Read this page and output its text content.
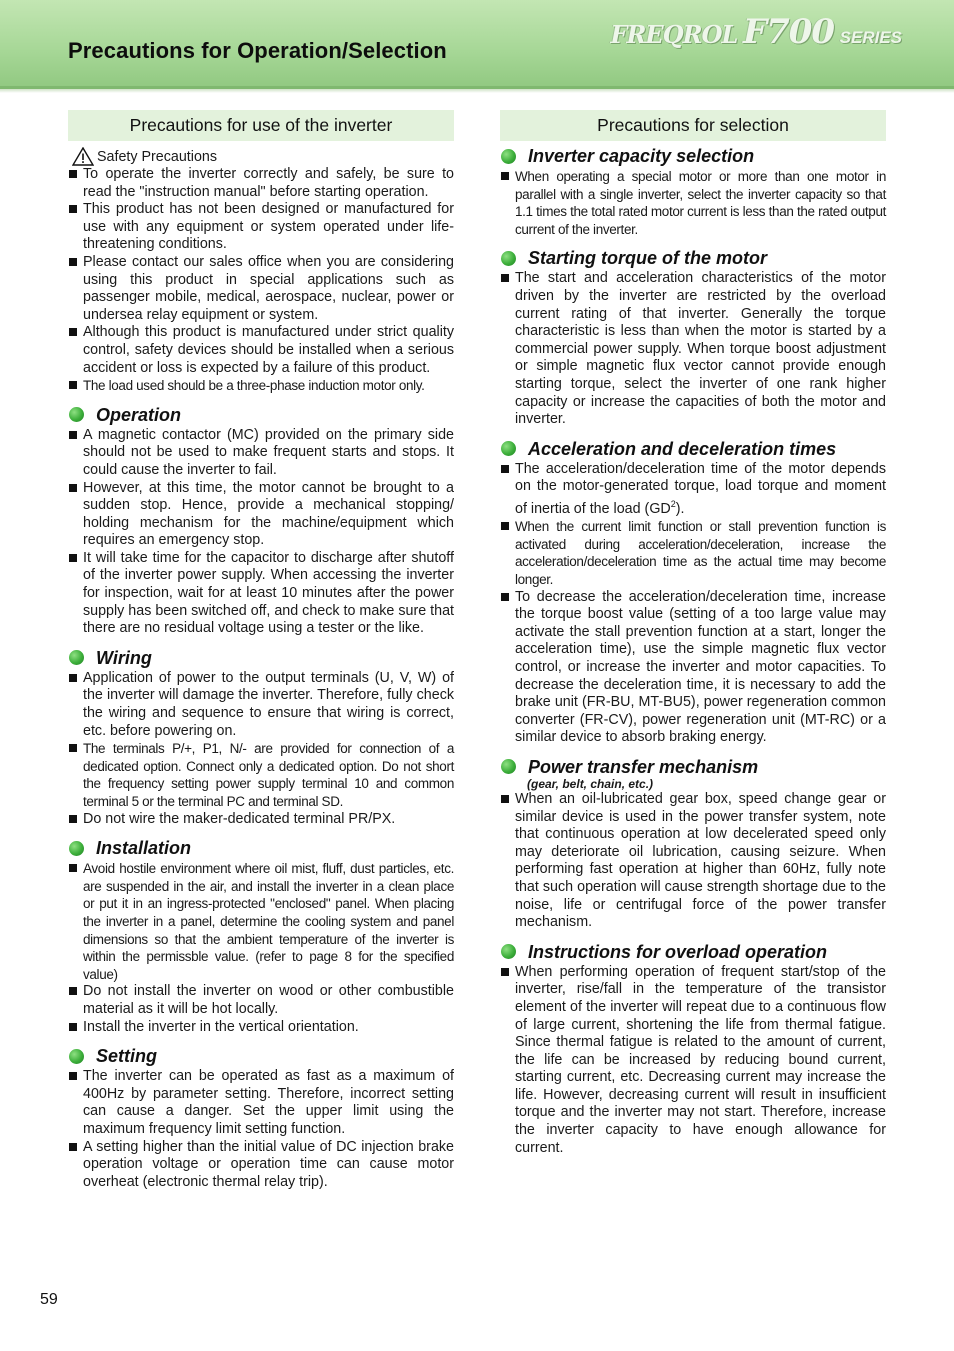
Precautions for Operation/Selection
FREQROL F700 SERIES
Precautions for use of the inverter
Safety Precautions
To operate the inverter correctly and safely, be sure to read the "instruction manual" before starting operation.
This product has not been designed or manufactured for use with any equipment or system operated under life-threatening conditions.
Please contact our sales office when you are considering using this product in special applications such as passenger mobile, medical, aerospace, nuclear, power or undersea relay equipment or system.
Although this product is manufactured under strict quality control, safety devices should be installed when a serious accident or loss is expected by a failure of this product.
The load used should be a three-phase induction motor only.
Operation
A magnetic contactor (MC) provided on the primary side should not be used to make frequent starts and stops. It could cause the inverter to fail.
However, at this time, the motor cannot be brought to a sudden stop. Hence, provide a mechanical stopping/ holding mechanism for the machine/equipment which requires an emergency stop.
It will take time for the capacitor to discharge after shutoff of the inverter power supply. When accessing the inverter for inspection, wait for at least 10 minutes after the power supply has been switched off, and check to make sure that there are no residual voltage using a tester or the like.
Wiring
Application of power to the output terminals (U, V, W) of the inverter will damage the inverter. Therefore, fully check the wiring and sequence to ensure that wiring is correct, etc. before powering on.
The terminals P/+, P1, N/- are provided for connection of a dedicated option. Connect only a dedicated option. Do not short the frequency setting power supply terminal 10 and common terminal 5 or the terminal PC and terminal SD.
Do not wire the maker-dedicated terminal PR/PX.
Installation
Avoid hostile environment where oil mist, fluff, dust particles, etc. are suspended in the air, and install the inverter in a clean place or put it in an ingress-protected "enclosed" panel. When placing the inverter in a panel, determine the cooling system and panel dimensions so that the ambient temperature of the inverter is within the permissble value. (refer to page 8 for the specified value)
Do not install the inverter on wood or other combustible material as it will be hot locally.
Install the inverter in the vertical orientation.
Setting
The inverter can be operated as fast as a maximum of 400Hz by parameter setting. Therefore, incorrect setting can cause a danger. Set the upper limit using the maximum frequency limit setting function.
A setting higher than the initial value of DC injection brake operation voltage or operation time can cause motor overheat (electronic thermal relay trip).
Precautions for selection
Inverter capacity selection
When operating a special motor or more than one motor in parallel with a single inverter, select the inverter capacity so that 1.1 times the total rated motor current is less than the rated output current of the inverter.
Starting torque of the motor
The start and acceleration characteristics of the motor driven by the inverter are restricted by the overload current rating of that inverter. Generally the torque characteristic is less than when the motor is started by a commercial power supply. When torque boost adjustment or simple magnetic flux vector cannot provide enough starting torque, select the inverter of one rank higher capacity or increase the capacities of both the motor and inverter.
Acceleration and deceleration times
The acceleration/deceleration time of the motor depends on the motor-generated torque, load torque and moment of inertia of the load $(GD^2)$.
When the current limit function or stall prevention function is activated during acceleration/deceleration, increase the acceleration/deceleration time as the actual time may become longer.
To decrease the acceleration/deceleration time, increase the torque boost value (setting of a too large value may activate the stall prevention function at a start, longer the acceleration time), use the simple magnetic flux vector control, or increase the inverter and motor capacities. To decrease the deceleration time, it is necessary to add the brake unit (FR-BU, MT-BU5), power regeneration common converter (FR-CV), power regeneration unit (MT-RC) or a similar device to absorb braking energy.
Power transfer mechanism
(gear, belt, chain, etc.)
When an oil-lubricated gear box, speed change gear or similar device is used in the power transfer system, note that continuous operation at low decelerated speed only may deteriorate oil lubrication, causing seizure. When performing fast operation at higher than 60Hz, fully note that such operation will cause strength shortage due to the noise, life or centrifugal force of the power transfer mechanism.
Instructions for overload operation
When performing operation of frequent start/stop of the inverter, rise/fall in the temperature of the transistor element of the inverter will repeat due to a continuous flow of large current, shortening the life from thermal fatigue. Since thermal fatigue is related to the amount of current, the life can be increased by reducing bound current, starting current, etc. Decreasing current may increase the life. However, decreasing current will result in insufficient torque and the inverter may not start. Therefore, increase the inverter capacity to have enough allowance for current.
59
